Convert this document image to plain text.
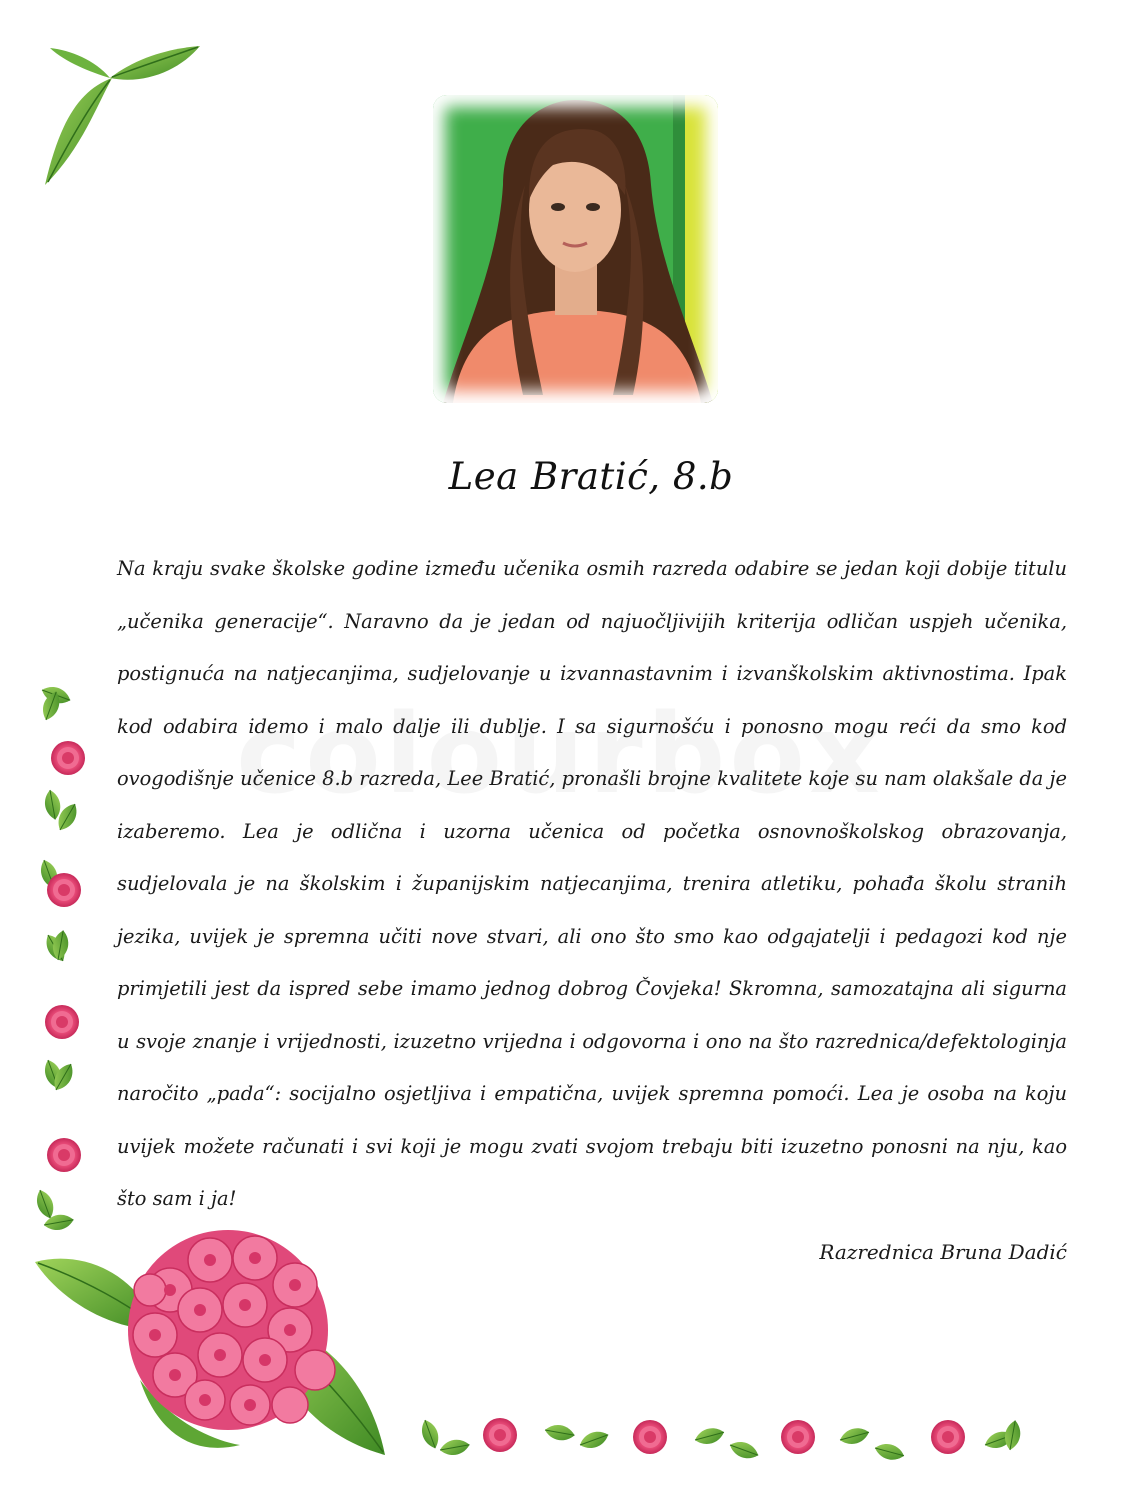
Lea Bratić, 8.b
Na kraju svake školske godine između učenika osmih razreda odabire se jedan koji dobije titulu „učenika generacije“. Naravno da je jedan od najuočljivijih kriterija odličan uspjeh učenika, postignuća na natjecanjima, sudjelovanje u izvannastavnim i izvanškolskim aktivnostima. Ipak kod odabira idemo i malo dalje ili dublje. I sa sigurnošću i ponosno mogu reći da smo kod ovogodišnje učenice 8.b razreda, Lee Bratić, pronašli brojne kvalitete koje su nam olakšale da je izaberemo. Lea je odlična i uzorna učenica od početka osnovnoškolskog obrazovanja, sudjelovala je na školskim i županijskim natjecanjima, trenira atletiku, pohađa školu stranih jezika, uvijek je spremna učiti nove stvari, ali ono što smo kao odgajatelji i pedagozi kod nje primjetili jest da ispred sebe imamo jednog dobrog Čovjeka! Skromna, samozatajna ali sigurna u svoje znanje i vrijednosti, izuzetno vrijedna i odgovorna i ono na što razrednica/defektologinja naročito „pada“: socijalno osjetljiva i empatična, uvijek spremna pomoći. Lea je osoba na koju uvijek možete računati i svi koji je mogu zvati svojom trebaju biti izuzetno ponosni na nju, kao što sam i ja!
Razrednica Bruna Dadić
